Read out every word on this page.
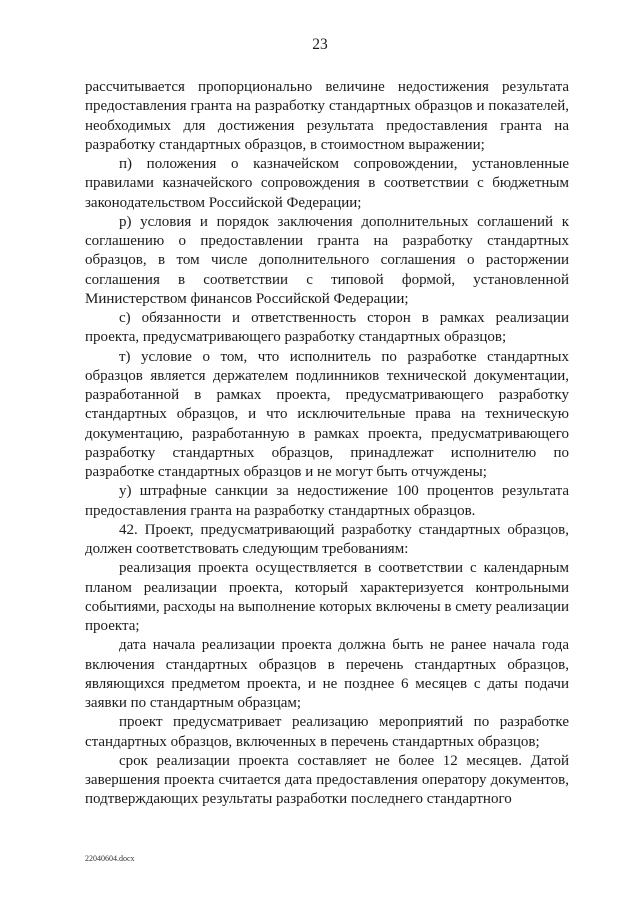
23

рассчитывается пропорционально величине недостижения результата предоставления гранта на разработку стандартных образцов и показателей, необходимых для достижения результата предоставления гранта на разработку стандартных образцов, в стоимостном выражении;

п) положения о казначейском сопровождении, установленные правилами казначейского сопровождения в соответствии с бюджетным законодательством Российской Федерации;

р) условия и порядок заключения дополнительных соглашений к соглашению о предоставлении гранта на разработку стандартных образцов, в том числе дополнительного соглашения о расторжении соглашения в соответствии с типовой формой, установленной Министерством финансов Российской Федерации;

с) обязанности и ответственность сторон в рамках реализации проекта, предусматривающего разработку стандартных образцов;

т) условие о том, что исполнитель по разработке стандартных образцов является держателем подлинников технической документации, разработанной в рамках проекта, предусматривающего разработку стандартных образцов, и что исключительные права на техническую документацию, разработанную в рамках проекта, предусматривающего разработку стандартных образцов, принадлежат исполнителю по разработке стандартных образцов и не могут быть отчуждены;

у) штрафные санкции за недостижение 100 процентов результата предоставления гранта на разработку стандартных образцов.

42. Проект, предусматривающий разработку стандартных образцов, должен соответствовать следующим требованиям:

реализация проекта осуществляется в соответствии с календарным планом реализации проекта, который характеризуется контрольными событиями, расходы на выполнение которых включены в смету реализации проекта;

дата начала реализации проекта должна быть не ранее начала года включения стандартных образцов в перечень стандартных образцов, являющихся предметом проекта, и не позднее 6 месяцев с даты подачи заявки по стандартным образцам;

проект предусматривает реализацию мероприятий по разработке стандартных образцов, включенных в перечень стандартных образцов;

срок реализации проекта составляет не более 12 месяцев. Датой завершения проекта считается дата предоставления оператору документов, подтверждающих результаты разработки последнего стандартного

22040604.docx
